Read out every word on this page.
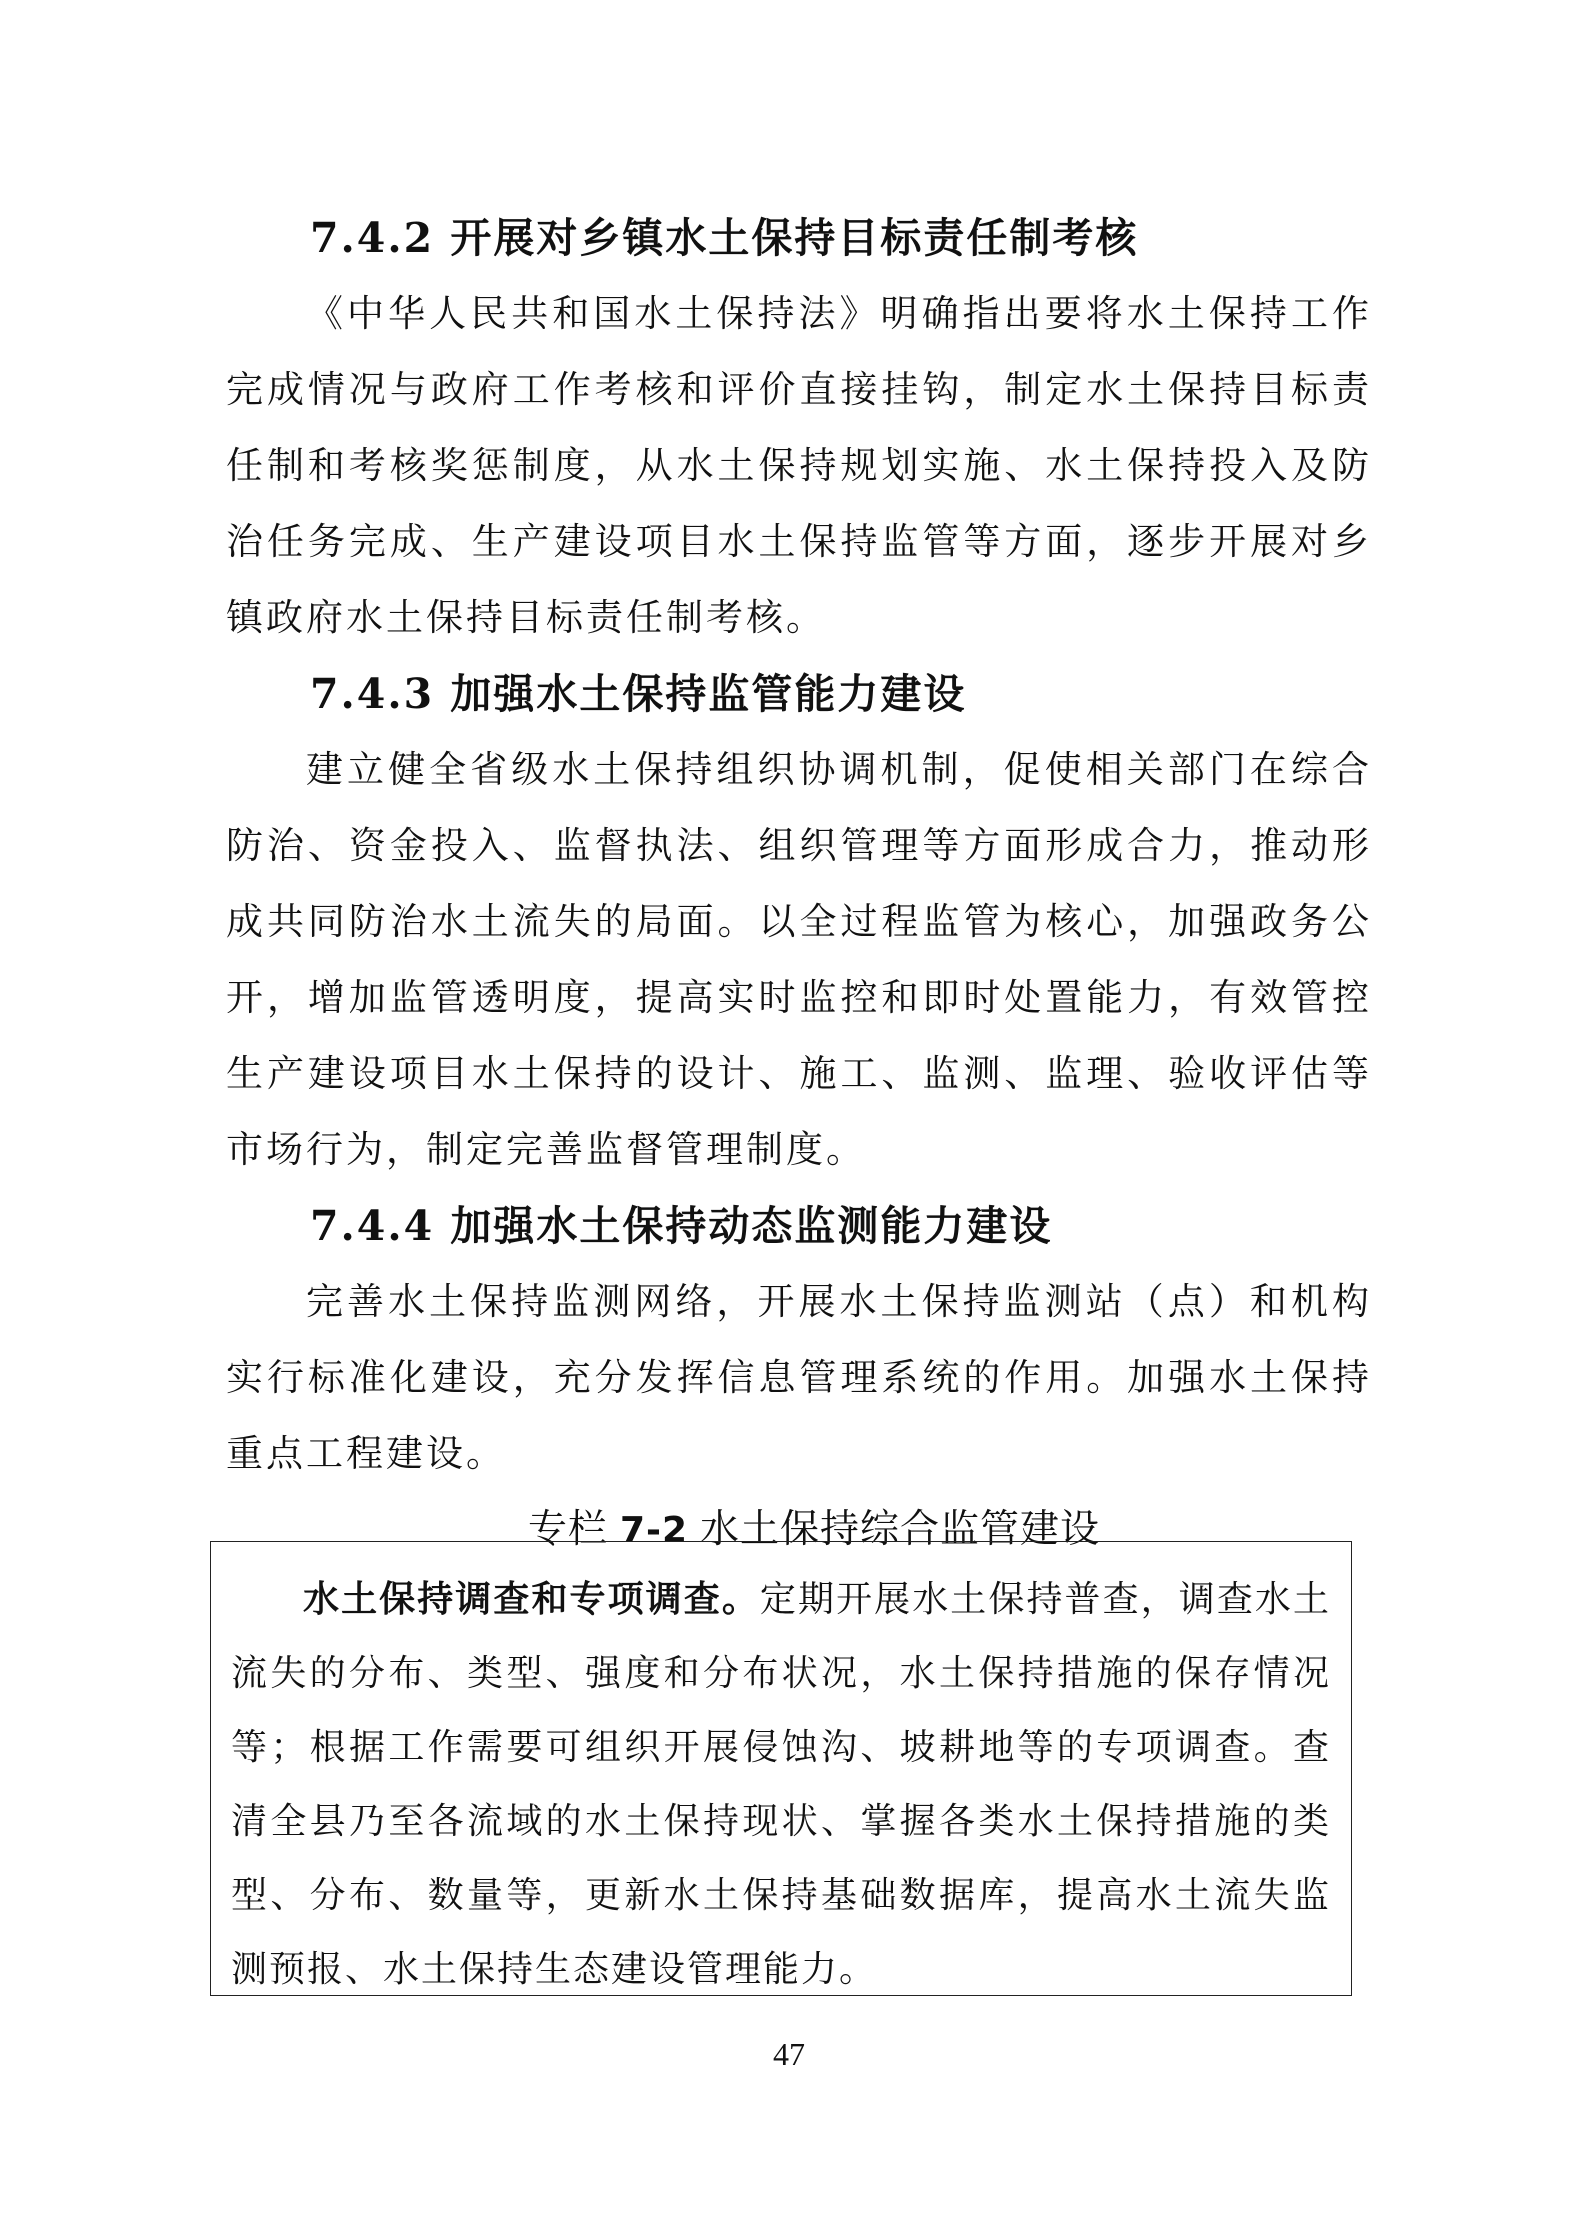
7.4.2 开展对乡镇水土保持目标责任制考核

《中华人民共和国水土保持法》明确指出要将水土保持工作完成情况与政府工作考核和评价直接挂钩，制定水土保持目标责任制和考核奖惩制度，从水土保持规划实施、水土保持投入及防治任务完成、生产建设项目水土保持监管等方面，逐步开展对乡镇政府水土保持目标责任制考核。

7.4.3 加强水土保持监管能力建设

建立健全省级水土保持组织协调机制，促使相关部门在综合防治、资金投入、监督执法、组织管理等方面形成合力，推动形成共同防治水土流失的局面。以全过程监管为核心，加强政务公开，增加监管透明度，提高实时监控和即时处置能力，有效管控生产建设项目水土保持的设计、施工、监测、监理、验收评估等市场行为，制定完善监督管理制度。

7.4.4 加强水土保持动态监测能力建设

完善水土保持监测网络，开展水土保持监测站（点）和机构实行标准化建设，充分发挥信息管理系统的作用。加强水土保持重点工程建设。

专栏 7-2 水土保持综合监管建设

水土保持调查和专项调查。定期开展水土保持普查，调查水土流失的分布、类型、强度和分布状况，水土保持措施的保存情况等；根据工作需要可组织开展侵蚀沟、坡耕地等的专项调查。查清全县乃至各流域的水土保持现状、掌握各类水土保持措施的类型、分布、数量等，更新水土保持基础数据库，提高水土流失监测预报、水土保持生态建设管理能力。

47
